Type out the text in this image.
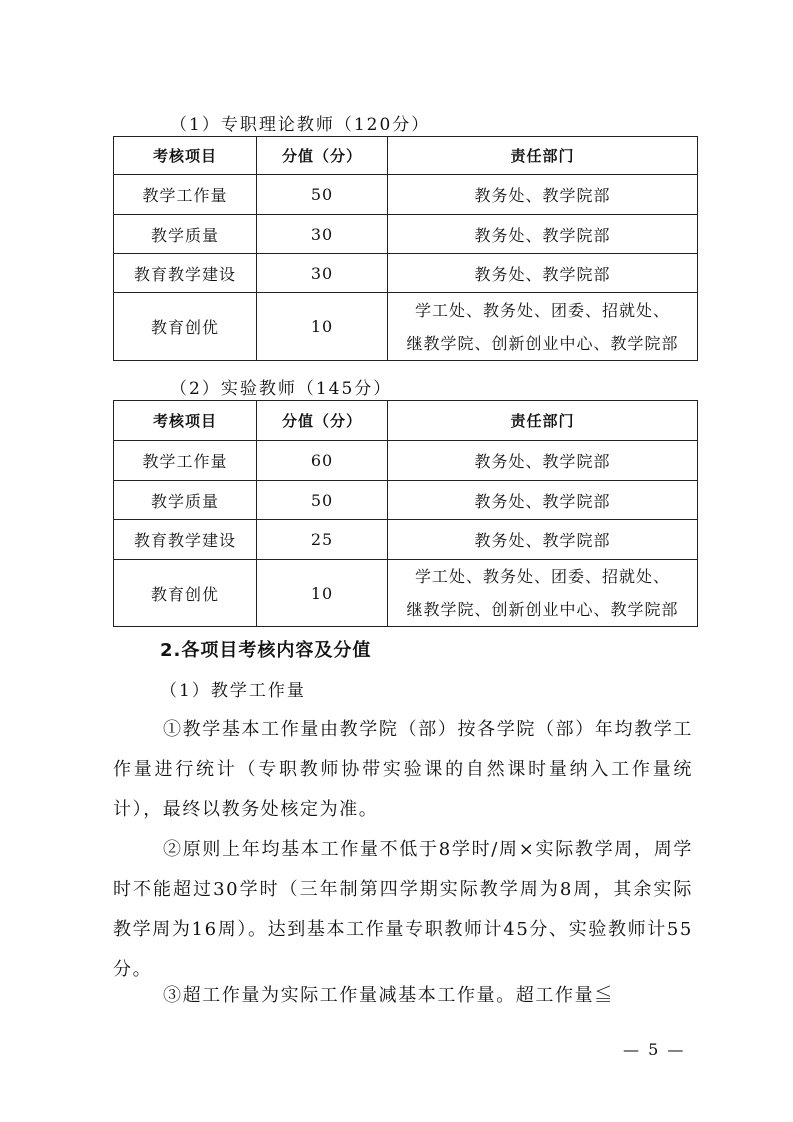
（1）专职理论教师（120分）
考核项目	分值（分）	责任部门
教学工作量	50	教务处、教学院部
教学质量	30	教务处、教学院部
教育教学建设	30	教务处、教学院部
教育创优	10	学工处、教务处、团委、招就处、
继教学院、创新创业中心、教学院部
（2）实验教师（145分）
考核项目	分值（分）	责任部门
教学工作量	60	教务处、教学院部
教学质量	50	教务处、教学院部
教育教学建设	25	教务处、教学院部
教育创优	10	学工处、教务处、团委、招就处、
继教学院、创新创业中心、教学院部
2.各项目考核内容及分值
（1）教学工作量
①教学基本工作量由教学院（部）按各学院（部）年均教学工作量进行统计（专职教师协带实验课的自然课时量纳入工作量统计），最终以教务处核定为准。
②原则上年均基本工作量不低于8学时/周×实际教学周，周学时不能超过30学时（三年制第四学期实际教学周为8周，其余实际教学周为16周）。达到基本工作量专职教师计45分、实验教师计55分。
③超工作量为实际工作量减基本工作量。超工作量≦
— 5 —
